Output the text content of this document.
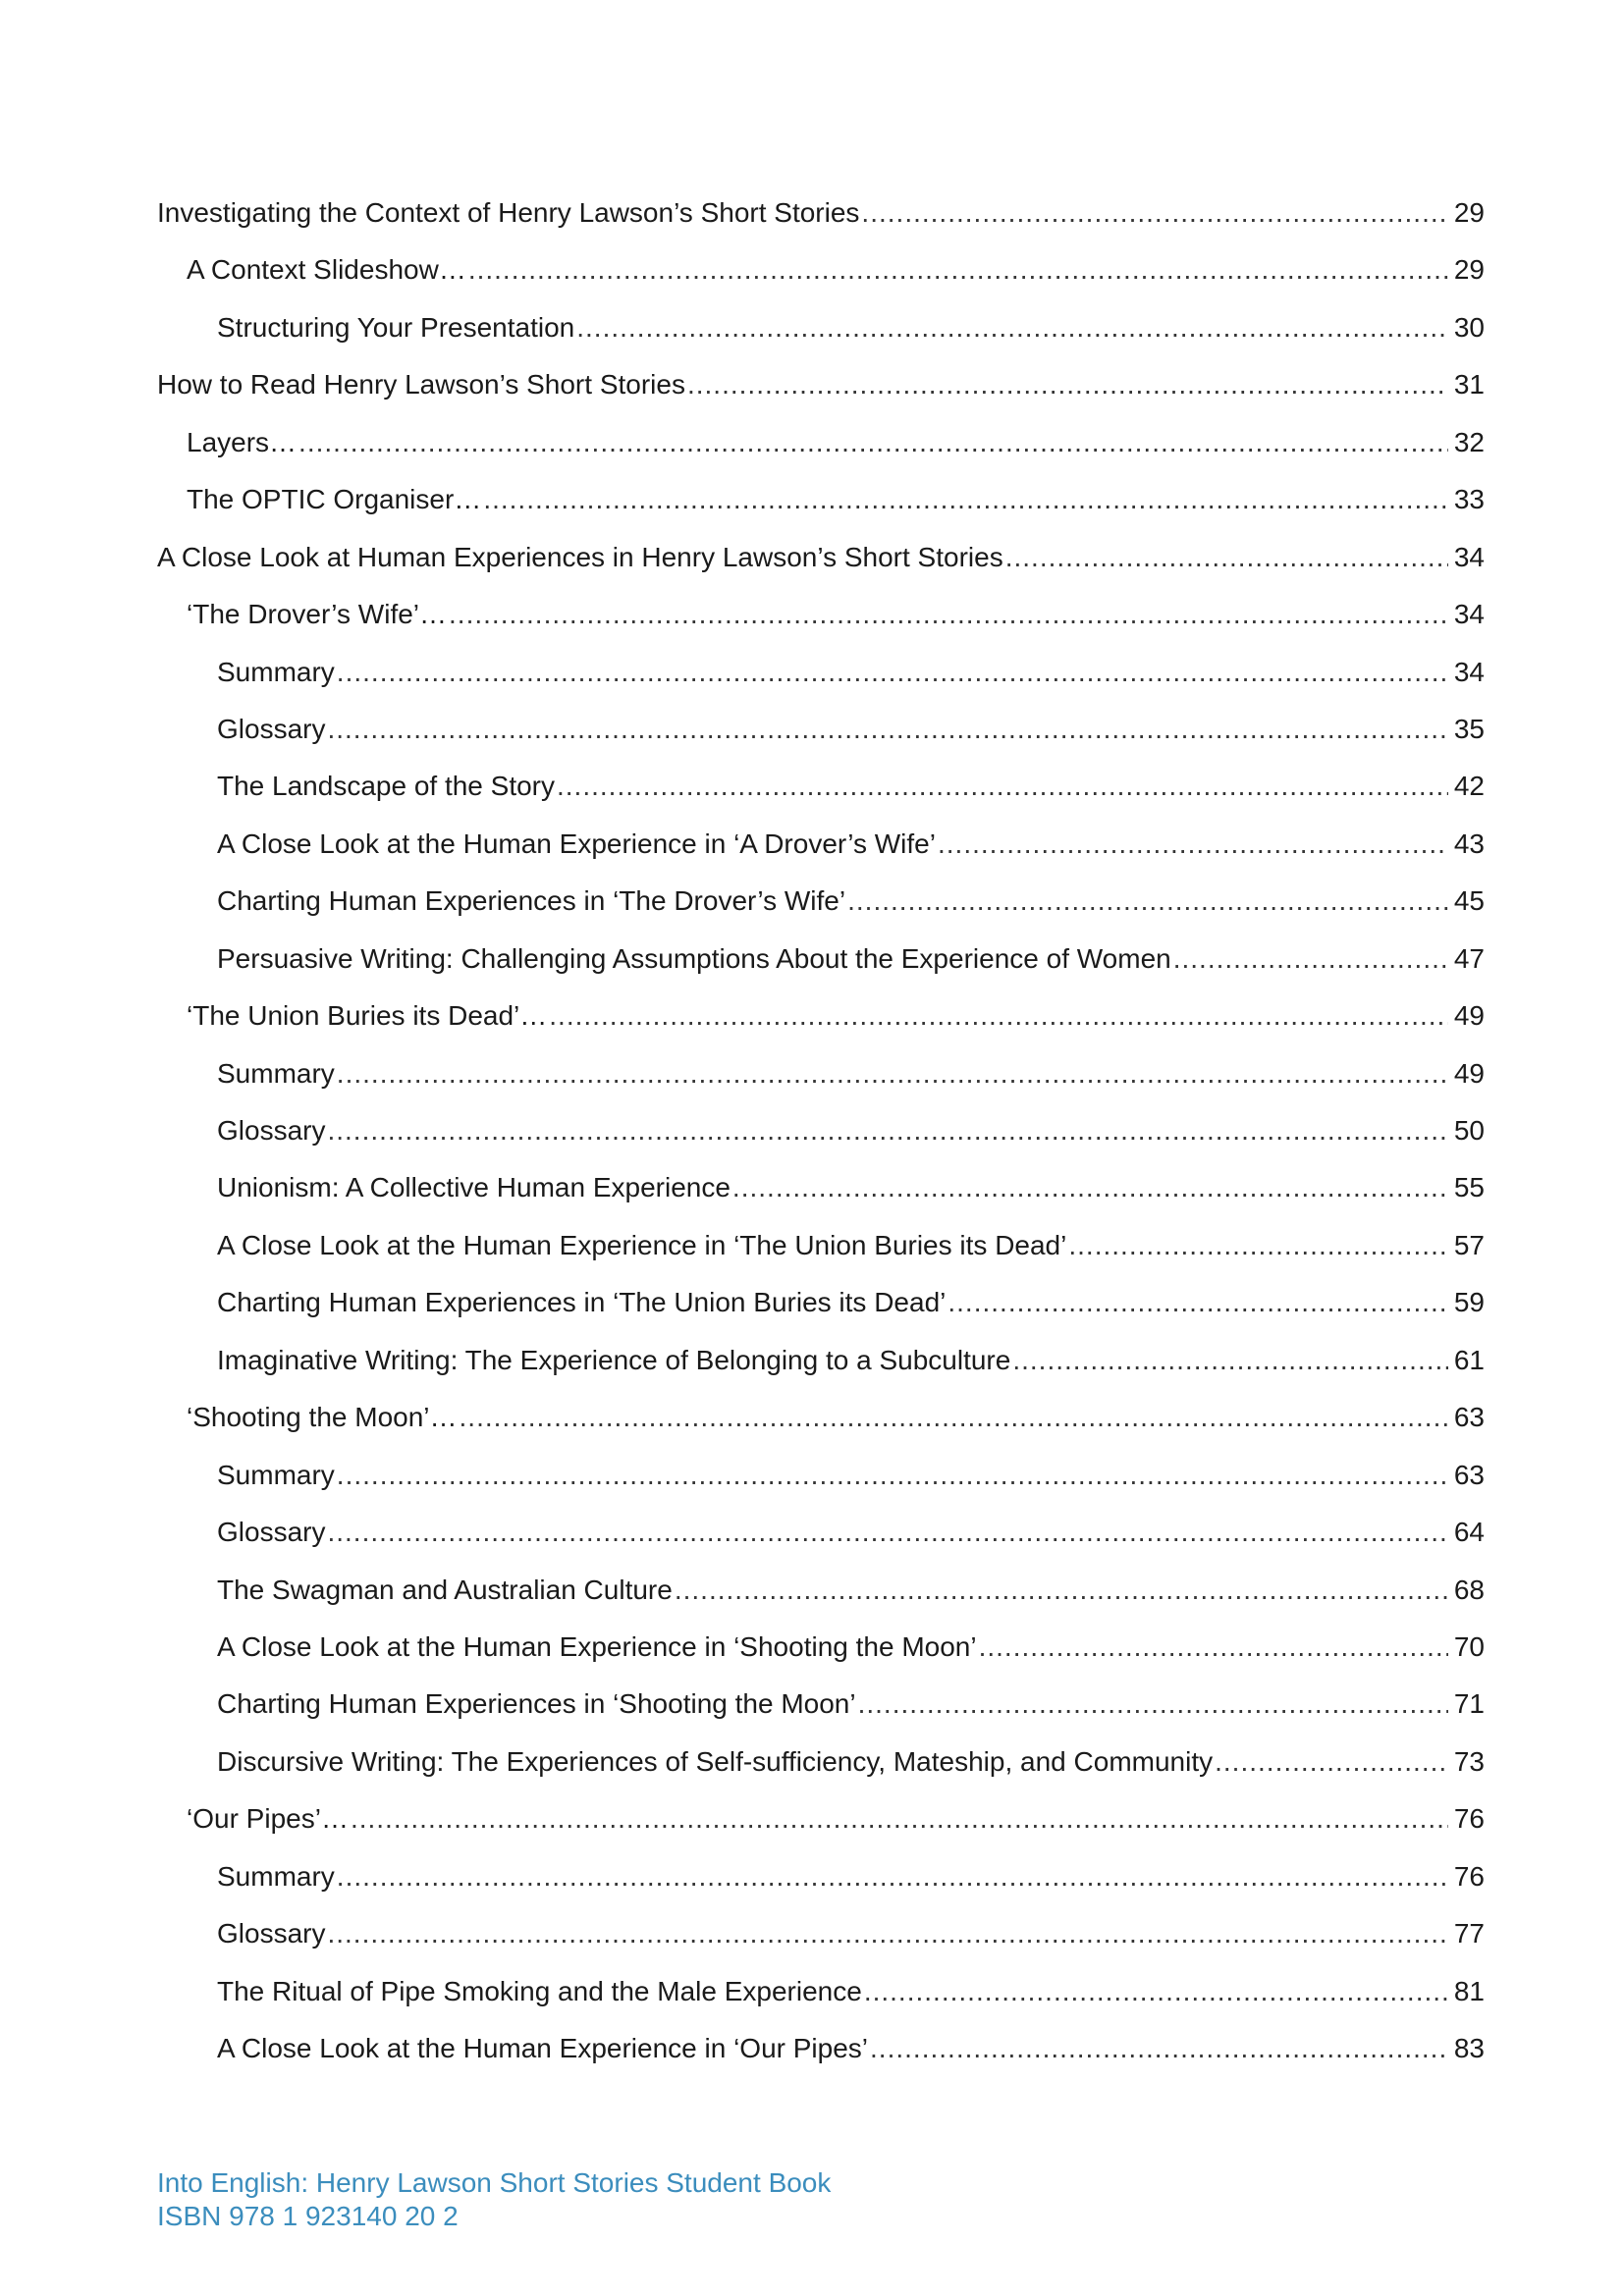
Investigating the Context of Henry Lawson’s Short Stories .....	29
A Context Slideshow… .....	29
Structuring Your Presentation .....	30
How to Read Henry Lawson’s Short Stories .....	31
Layers… .....	32
The OPTIC Organiser… .....	33
A Close Look at Human Experiences in Henry Lawson’s Short Stories .....	34
‘The Drover’s Wife’… .....	34
Summary .....	34
Glossary .....	35
The Landscape of the Story .....	42
A Close Look at the Human Experience in ‘A Drover’s Wife’ .....	43
Charting Human Experiences in ‘The Drover’s Wife’ .....	45
Persuasive Writing: Challenging Assumptions About the Experience of Women .....	47
‘The Union Buries its Dead’… .....	49
Summary .....	49
Glossary .....	50
Unionism: A Collective Human Experience .....	55
A Close Look at the Human Experience in ‘The Union Buries its Dead’ .....	57
Charting Human Experiences in ‘The Union Buries its Dead’ .....	59
Imaginative Writing: The Experience of Belonging to a Subculture .....	61
‘Shooting the Moon’… .....	63
Summary .....	63
Glossary .....	64
The Swagman and Australian Culture .....	68
A Close Look at the Human Experience in ‘Shooting the Moon’ .....	70
Charting Human Experiences in ‘Shooting the Moon’ .....	71
Discursive Writing: The Experiences of Self-sufficiency, Mateship, and Community .....	73
‘Our Pipes’… .....	76
Summary .....	76
Glossary .....	77
The Ritual of Pipe Smoking and the Male Experience .....	81
A Close Look at the Human Experience in ‘Our Pipes’ .....	83
Into English: Henry Lawson Short Stories Student Book
ISBN 978 1 923140 20 2
